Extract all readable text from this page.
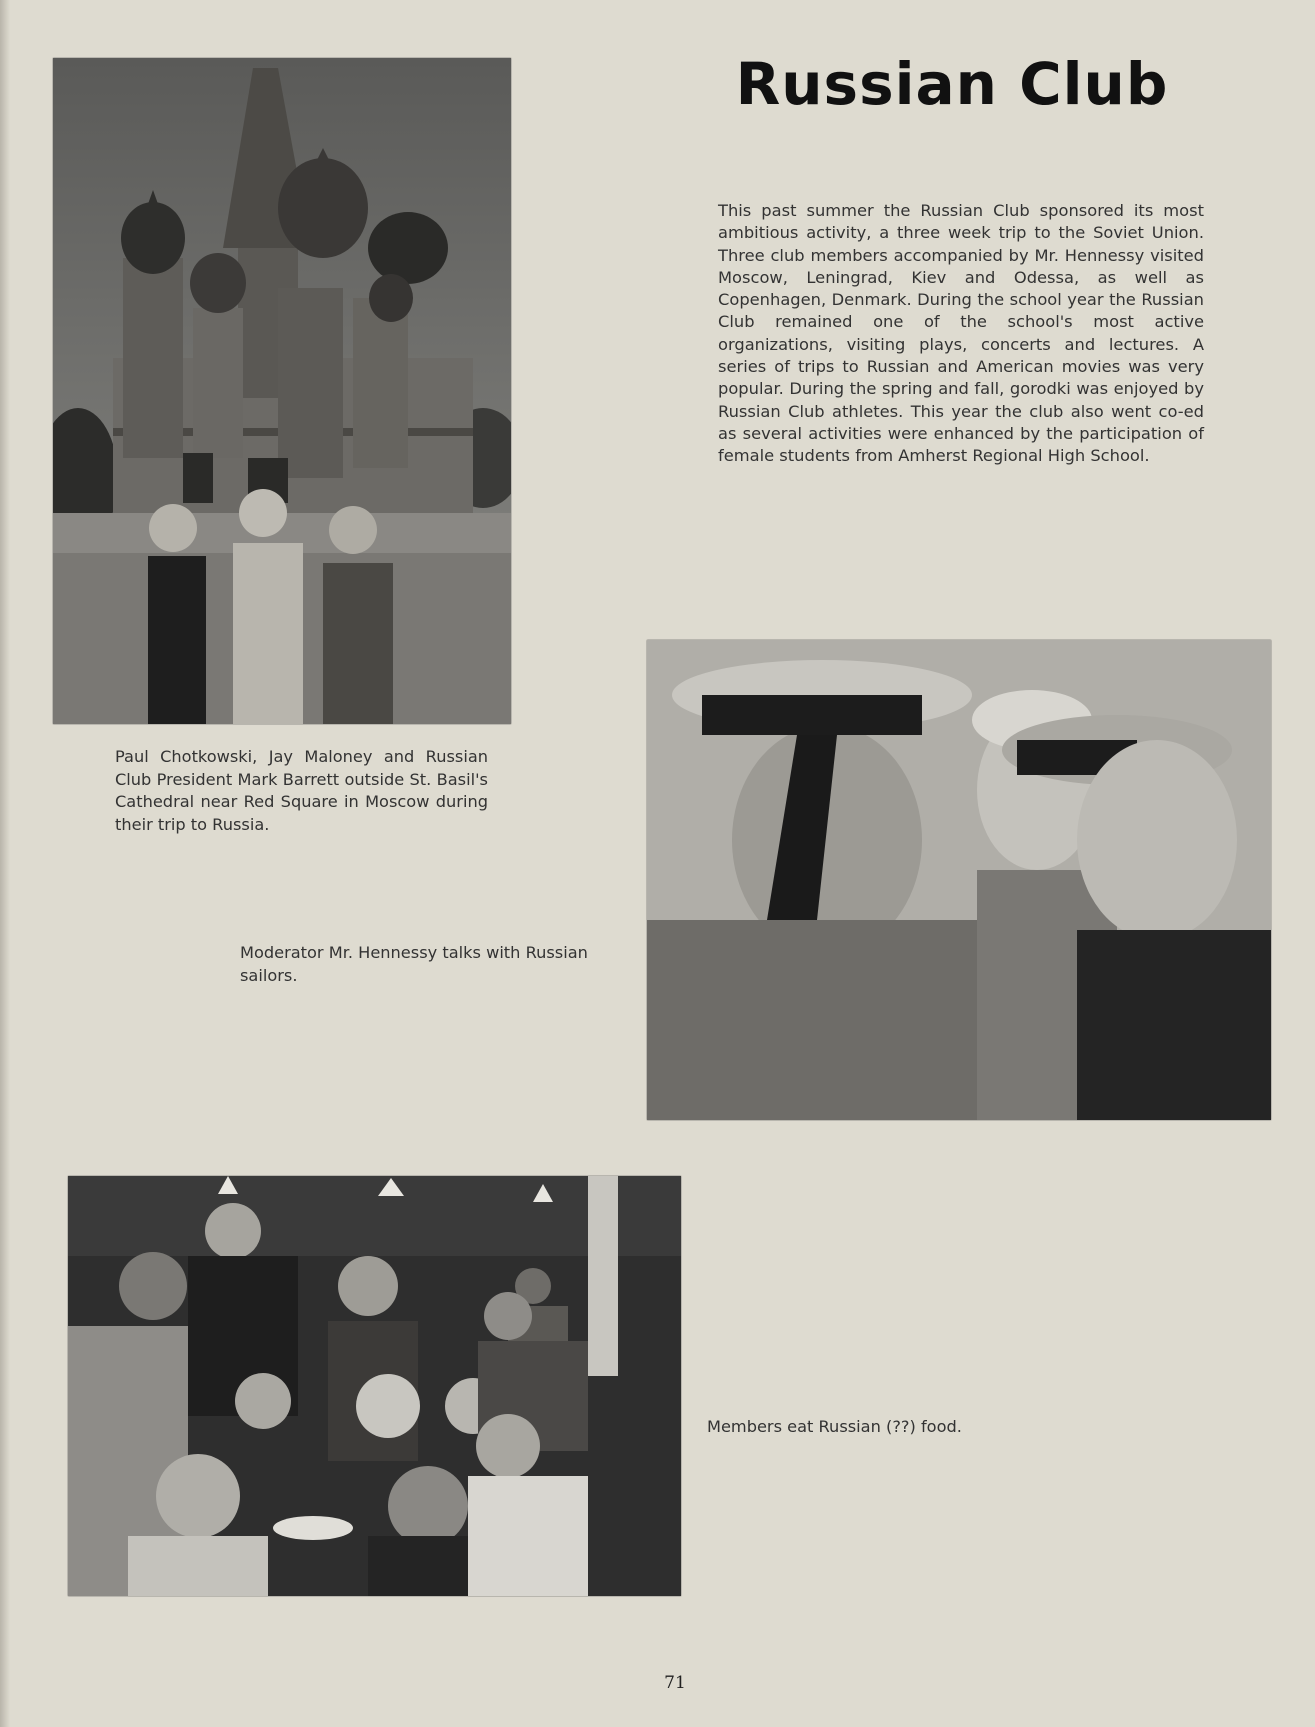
Russian Club

This past summer the Russian Club sponsored its most ambitious activity, a three week trip to the Soviet Union. Three club members accompanied by Mr. Hennessy visited Moscow, Leningrad, Kiev and Odessa, as well as Copenhagen, Denmark. During the school year the Russian Club remained one of the school's most active organizations, visiting plays, concerts and lectures. A series of trips to Russian and American movies was very popular. During the spring and fall, gorodki was enjoyed by Russian Club athletes. This year the club also went co-ed as several activities were enhanced by the participation of female students from Amherst Regional High School.

Paul Chotkowski, Jay Maloney and Russian Club President Mark Barrett outside St. Basil's Cathedral near Red Square in Moscow during their trip to Russia.

Moderator Mr. Hennessy talks with Russian sailors.

Members eat Russian (??) food.

71
